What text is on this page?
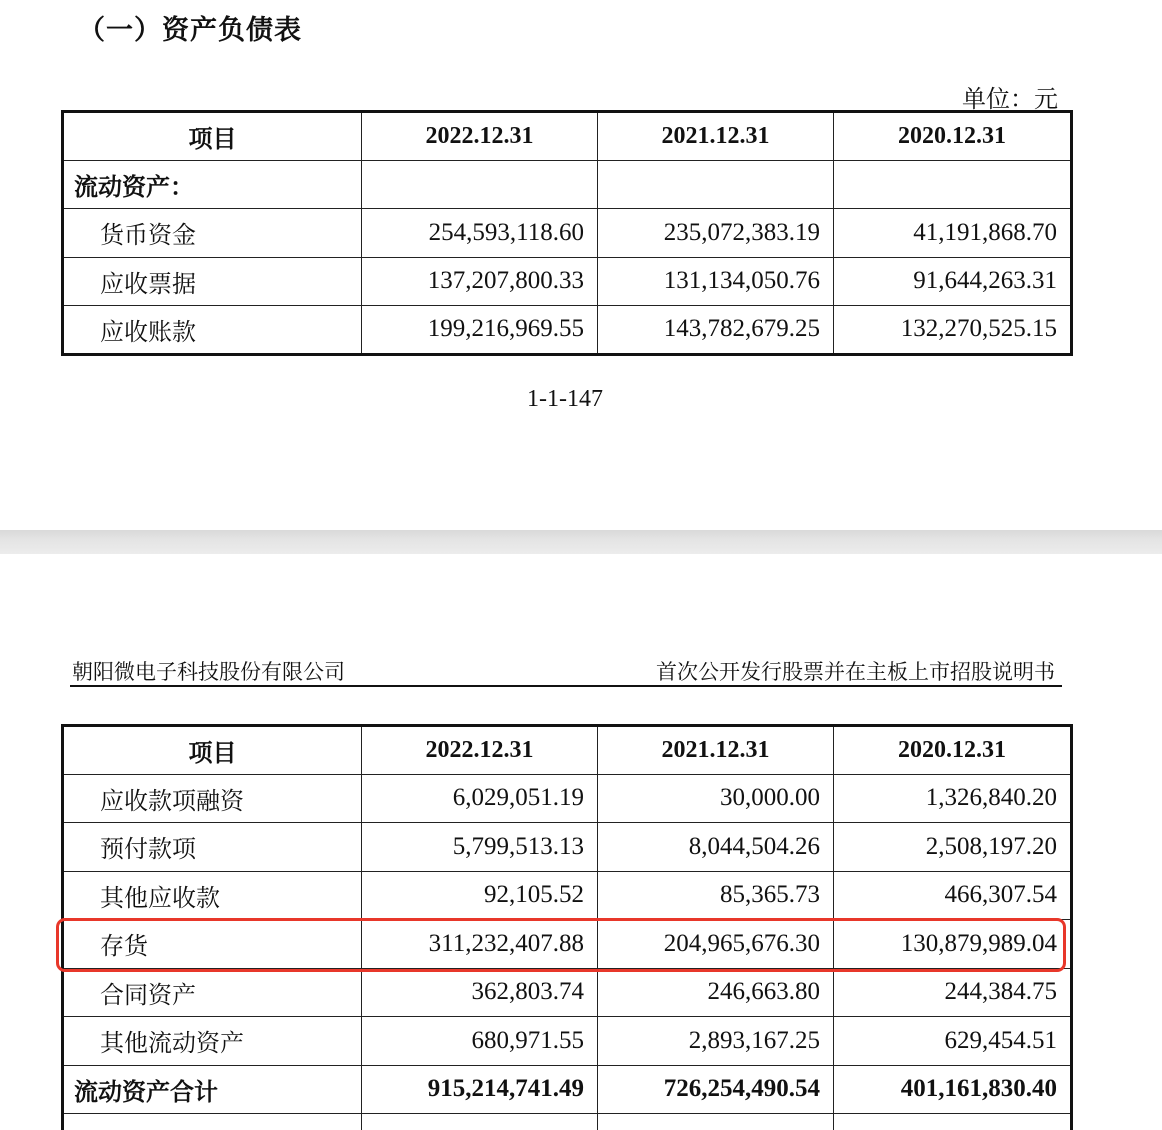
（一）资产负债表
单位：元
项目	2022.12.31	2021.12.31	2020.12.31
流动资产：			
货币资金	254,593,118.60	235,072,383.19	41,191,868.70
应收票据	137,207,800.33	131,134,050.76	91,644,263.31
应收账款	199,216,969.55	143,782,679.25	132,270,525.15
1-1-147
朝阳微电子科技股份有限公司	首次公开发行股票并在主板上市招股说明书
项目	2022.12.31	2021.12.31	2020.12.31
应收款项融资	6,029,051.19	30,000.00	1,326,840.20
预付款项	5,799,513.13	8,044,504.26	2,508,197.20
其他应收款	92,105.52	85,365.73	466,307.54
存货	311,232,407.88	204,965,676.30	130,879,989.04
合同资产	362,803.74	246,663.80	244,384.75
其他流动资产	680,971.55	2,893,167.25	629,454.51
流动资产合计	915,214,741.49	726,254,490.54	401,161,830.40
